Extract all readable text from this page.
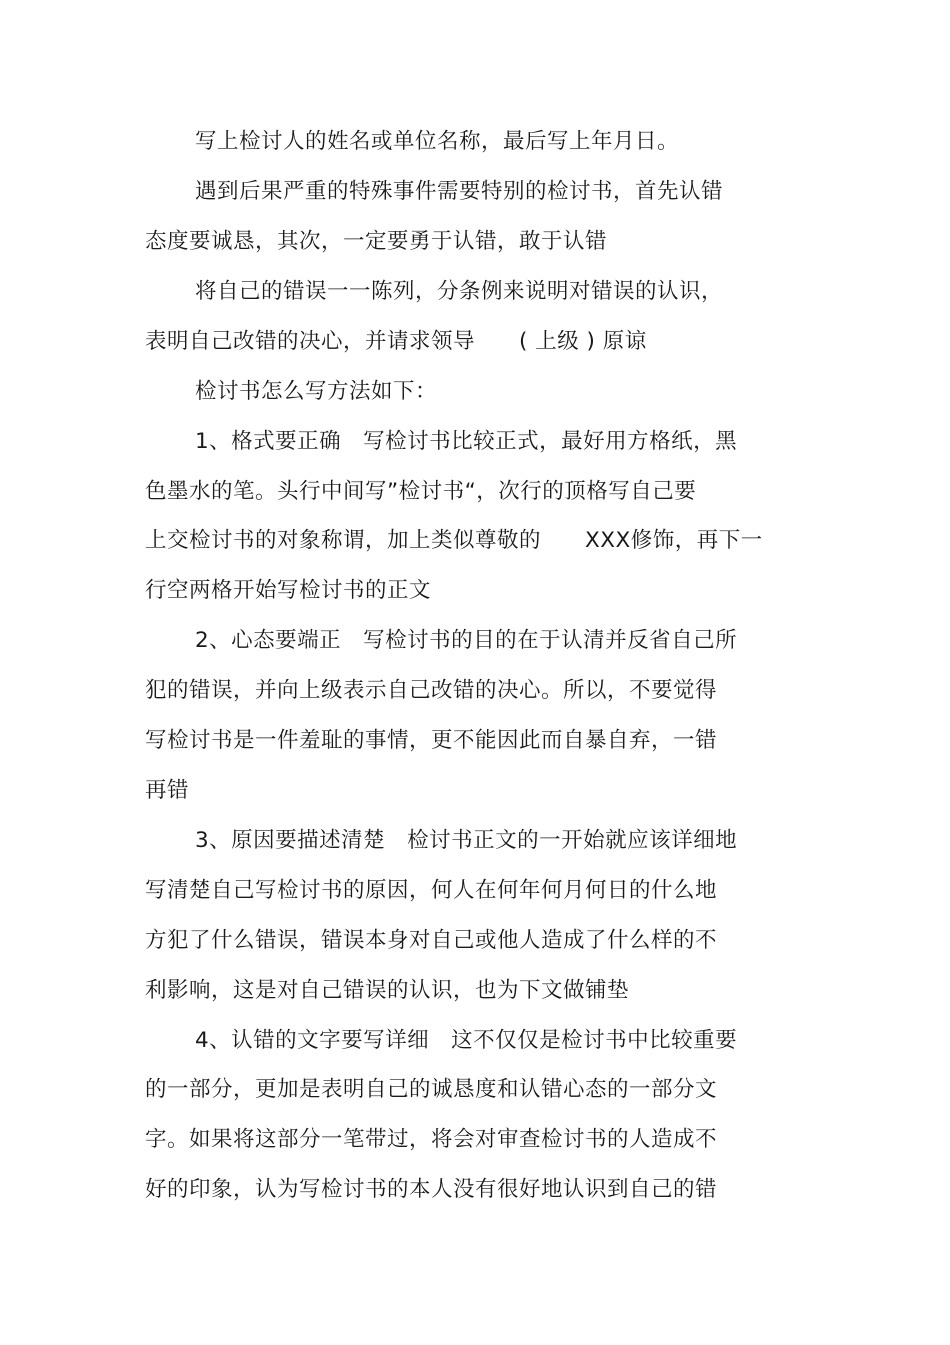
写上检讨人的姓名或单位名称，最后写上年月日。
遇到后果严重的特殊事件需要特别的检讨书，首先认错
态度要诚恳，其次，一定要勇于认错，敢于认错
将自己的错误一一陈列，分条例来说明对错误的认识，
表明自己改错的决心，并请求领导　　( 上级 ) 原谅
检讨书怎么写方法如下：
1、格式要正确　写检讨书比较正式，最好用方格纸，黑
色墨水的笔。头行中间写”检讨书“，次行的顶格写自己要
上交检讨书的对象称谓，加上类似尊敬的　　XXX修饰，再下一
行空两格开始写检讨书的正文
2、心态要端正　写检讨书的目的在于认清并反省自己所
犯的错误，并向上级表示自己改错的决心。所以，不要觉得
写检讨书是一件羞耻的事情，更不能因此而自暴自弃，一错
再错
3、原因要描述清楚　检讨书正文的一开始就应该详细地
写清楚自己写检讨书的原因，何人在何年何月何日的什么地
方犯了什么错误，错误本身对自己或他人造成了什么样的不
利影响，这是对自己错误的认识，也为下文做铺垫
4、认错的文字要写详细　这不仅仅是检讨书中比较重要
的一部分，更加是表明自己的诚恳度和认错心态的一部分文
字。如果将这部分一笔带过，将会对审查检讨书的人造成不
好的印象，认为写检讨书的本人没有很好地认识到自己的错
